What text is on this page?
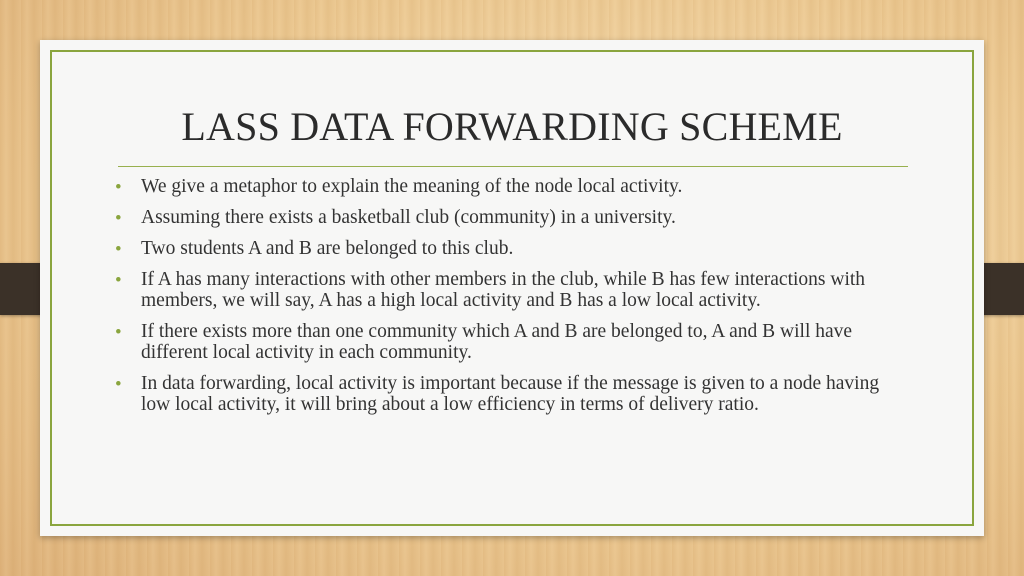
LASS DATA FORWARDING SCHEME
• We give a metaphor to explain the meaning of the node local activity.
• Assuming there exists a basketball club (community) in a university.
• Two students A and B are belonged to this club.
• If A has many interactions with other members in the club, while B has few interactions with members, we will say, A has a high local activity and B has a low local activity.
• If there exists more than one community which A and B are belonged to, A and B will have different local activity in each community.
• In data forwarding, local activity is important because if the message is given to a node having low local activity, it will bring about a low efficiency in terms of delivery ratio.
